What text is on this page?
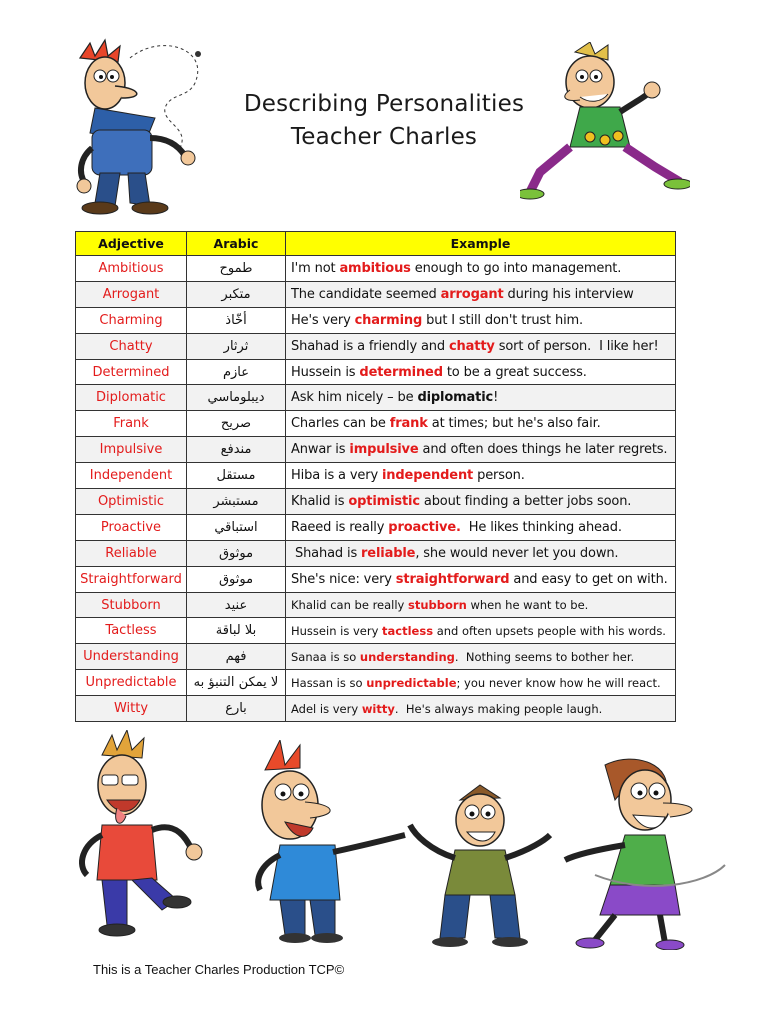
Describing Personalities
Teacher Charles
Adjective	Arabic	Example
Ambitious	طموح	I'm not ambitious enough to go into management.
Arrogant	متكبر	The candidate seemed arrogant during his interview
Charming	أخّاذ	He's very charming but I still don't trust him.
Chatty	ثرثار	Shahad is a friendly and chatty sort of person.  I like her!
Determined	عازم	Hussein is determined to be a great success.
Diplomatic	ديبلوماسي	Ask him nicely – be diplomatic!
Frank	صريح	Charles can be frank at times; but he's also fair.
Impulsive	مندفع	Anwar is impulsive and often does things he later regrets.
Independent	مستقل	Hiba is a very independent person.
Optimistic	مستبشر	Khalid is optimistic about finding a better jobs soon.
Proactive	استباقي	Raeed is really proactive.  He likes thinking ahead.
Reliable	موثوق	Shahad is reliable, she would never let you down.
Straightforward	موثوق	She's nice: very straightforward and easy to get on with.
Stubborn	عنيد	Khalid can be really stubborn when he want to be.
Tactless	بلا لباقة	Hussein is very tactless and often upsets people with his words.
Understanding	فهم	Sanaa is so understanding.  Nothing seems to bother her.
Unpredictable	لا يمكن التنبؤ به	Hassan is so unpredictable; you never know how he will react.
Witty	بارع	Adel is very witty.  He's always making people laugh.
This is a Teacher Charles Production TCP©
